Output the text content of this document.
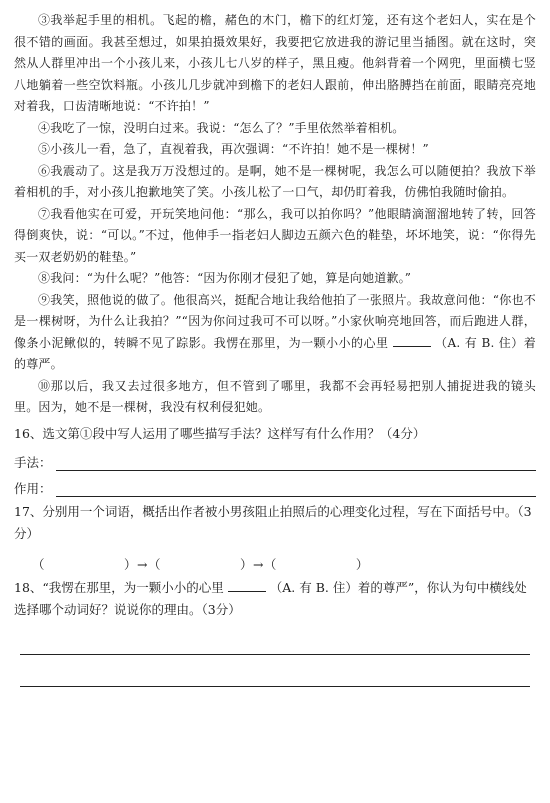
③我举起手里的相机。飞起的檐，赭色的木门，檐下的红灯笼，还有这个老妇人，实在是个很不错的画面。我甚至想过，如果拍摄效果好，我要把它放进我的游记里当插图。就在这时，突然从人群里冲出一个小孩儿来，小孩儿七八岁的样子，黑且瘦。他斜背着一个网兜，里面横七竖八地躺着一些空饮料瓶。小孩儿几步就冲到檐下的老妇人跟前，伸出胳膊挡在前面，眼睛亮亮地对着我，口齿清晰地说：“不许拍！”

④我吃了一惊，没明白过来。我说：“怎么了？”手里依然举着相机。

⑤小孩儿一看，急了，直视着我，再次强调：“不许拍！她不是一棵树！”

⑥我震动了。这是我万万没想过的。是啊，她不是一棵树呢，我怎么可以随便拍？我放下举着相机的手，对小孩儿抱歉地笑了笑。小孩儿松了一口气，却仍盯着我，仿佛怕我随时偷拍。

⑦我看他实在可爱，开玩笑地问他：“那么，我可以拍你吗？”他眼睛滴溜溜地转了转，回答得倒爽快，说：“可以。”不过，他伸手一指老妇人脚边五颜六色的鞋垫，坏坏地笑，说：“你得先买一双老奶奶的鞋垫。”

⑧我问：“为什么呢？”他答：“因为你刚才侵犯了她，算是向她道歉。”

⑨我笑，照他说的做了。他很高兴，挺配合地让我给他拍了一张照片。我故意问他：“你也不是一棵树呀，为什么让我拍？”“因为你问过我可不可以呀。”小家伙响亮地回答，而后跑进人群，像条小泥鳅似的，转瞬不见了踪影。我愣在那里，为一颗小小的心里	（A. 有 B. 住）着的尊严。

⑩那以后，我又去过很多地方，但不管到了哪里，我都不会再轻易把别人捕捉进我的镜头里。因为，她不是一棵树，我没有权利侵犯她。

16、选文第①段中写人运用了哪些描写手法？这样写有什么作用？（4分）

手法：
作用：

17、分别用一个词语，概括出作者被小男孩阻止拍照后的心理变化过程，写在下面括号中。（3分）

（	）→（	）→（	）

18、“我愣在那里，为一颗小小的心里	（A. 有 B. 住）着的尊严”，你认为句中横线处选择哪个动词好？说说你的理由。（3分）
